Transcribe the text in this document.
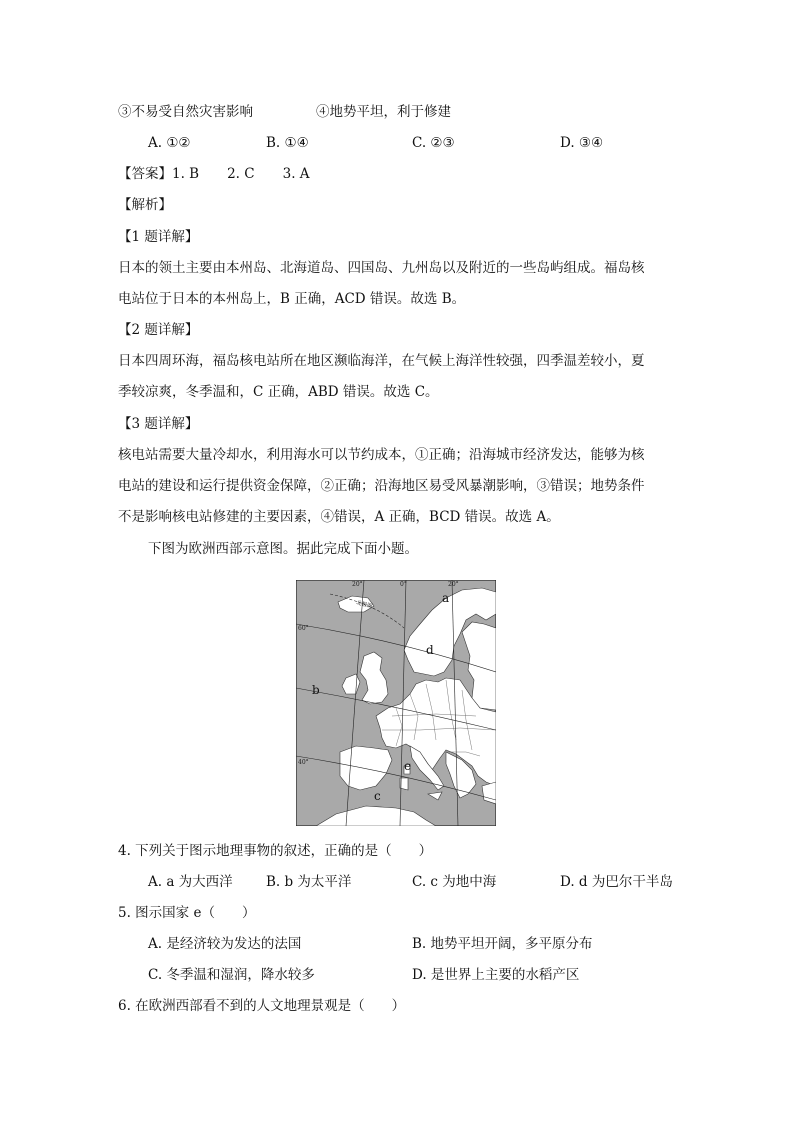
③不易受自然灾害影响	④地势平坦，利于修建
A. ①②	B. ①④	C. ②③	D. ③④
【答案】1. B 2. C 3. A
【解析】
【1 题详解】
日本的领土主要由本州岛、北海道岛、四国岛、九州岛以及附近的一些岛屿组成。福岛核
电站位于日本的本州岛上，B 正确，ACD 错误。故选 B。
【2 题详解】
日本四周环海，福岛核电站所在地区濒临海洋，在气候上海洋性较强，四季温差较小，夏
季较凉爽，冬季温和，C 正确，ABD 错误。故选 C。
【3 题详解】
核电站需要大量冷却水，利用海水可以节约成本，①正确；沿海城市经济发达，能够为核
电站的建设和运行提供资金保障，②正确；沿海地区易受风暴潮影响，③错误；地势条件
不是影响核电站修建的主要因素，④错误，A 正确，BCD 错误。故选 A。
下图为欧洲西部示意图。据此完成下面小题。
20°	0°	20°
60°
40°
北极圈
a
b
c
d
e
4. 下列关于图示地理事物的叙述，正确的是（　　）
A. a 为大西洋 B. b 为太平洋	C. c 为地中海	D. d 为巴尔干半岛
5. 图示国家 e（　　）
A. 是经济较为发达的法国	B. 地势平坦开阔，多平原分布
C. 冬季温和湿润，降水较多	D. 是世界上主要的水稻产区
6. 在欧洲西部看不到的人文地理景观是（　　）
